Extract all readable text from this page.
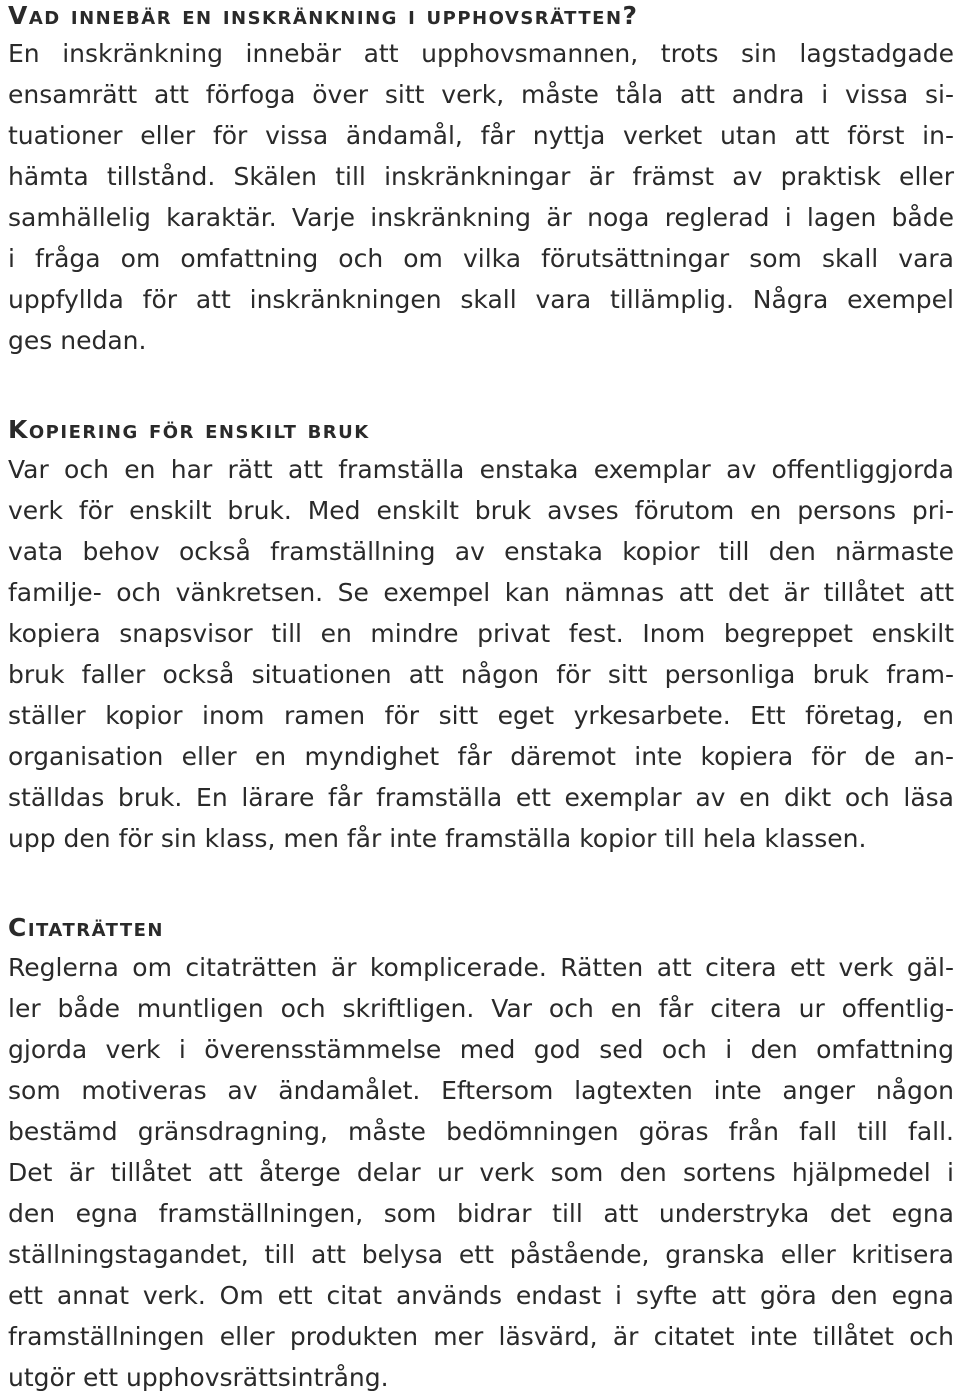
Vad innebär en inskränkning i upphovsrätten?
En inskränkning innebär att upphovsmannen, trots sin lagstadgade
ensamrätt att förfoga över sitt verk, måste tåla att andra i vissa si-
tuationer eller för vissa ändamål, får nyttja verket utan att först in-
hämta tillstånd. Skälen till inskränkningar är främst av praktisk eller
samhällelig karaktär. Varje inskränkning är noga reglerad i lagen både
i fråga om omfattning och om vilka förutsättningar som skall vara
uppfyllda för att inskränkningen skall vara tillämplig. Några exempel
ges nedan.
Kopiering för enskilt bruk
Var och en har rätt att framställa enstaka exemplar av offentliggjorda
verk för enskilt bruk. Med enskilt bruk avses förutom en persons pri-
vata behov också framställning av enstaka kopior till den närmaste
familje- och vänkretsen. Se exempel kan nämnas att det är tillåtet att
kopiera snapsvisor till en mindre privat fest. Inom begreppet enskilt
bruk faller också situationen att någon för sitt personliga bruk fram-
ställer kopior inom ramen för sitt eget yrkesarbete. Ett företag, en
organisation eller en myndighet får däremot inte kopiera för de an-
ställdas bruk. En lärare får framställa ett exemplar av en dikt och läsa
upp den för sin klass, men får inte framställa kopior till hela klassen.
Citaträtten
Reglerna om citaträtten är komplicerade. Rätten att citera ett verk gäl-
ler både muntligen och skriftligen. Var och en får citera ur offentlig-
gjorda verk i överensstämmelse med god sed och i den omfattning
som motiveras av ändamålet. Eftersom lagtexten inte anger någon
bestämd gränsdragning, måste bedömningen göras från fall till fall.
Det är tillåtet att återge delar ur verk som den sortens hjälpmedel i
den egna framställningen, som bidrar till att understryka det egna
ställningstagandet, till att belysa ett påstående, granska eller kritisera
ett annat verk. Om ett citat används endast i syfte att göra den egna
framställningen eller produkten mer läsvärd, är citatet inte tillåtet och
utgör ett upphovsrättsintrång.
